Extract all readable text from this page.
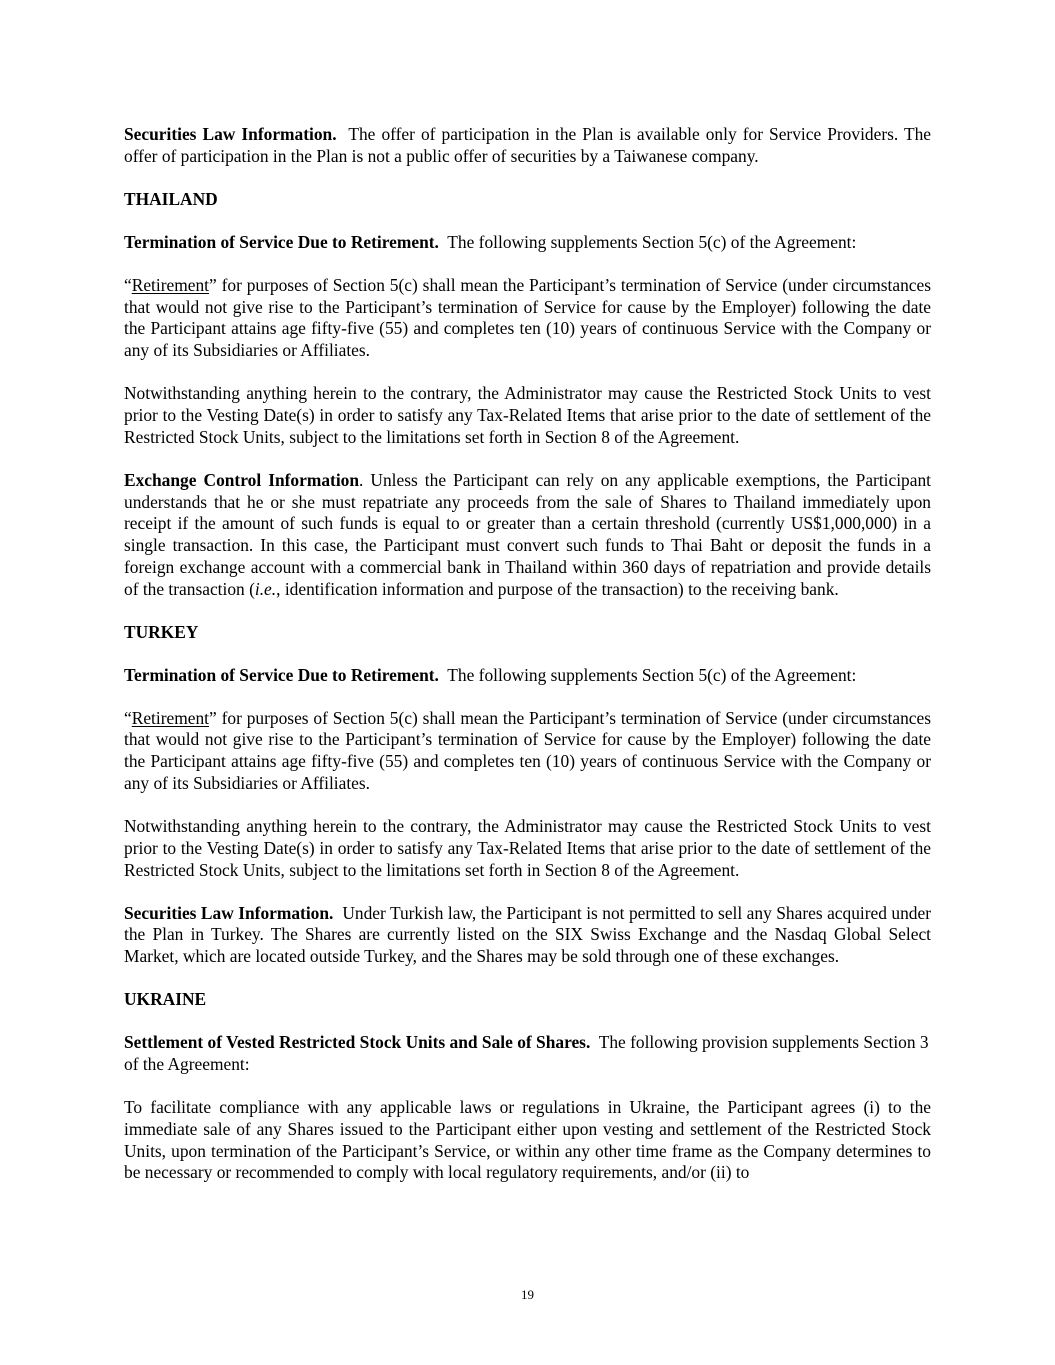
Securities Law Information. The offer of participation in the Plan is available only for Service Providers. The offer of participation in the Plan is not a public offer of securities by a Taiwanese company.

THAILAND

Termination of Service Due to Retirement. The following supplements Section 5(c) of the Agreement:

“Retirement” for purposes of Section 5(c) shall mean the Participant’s termination of Service (under circumstances that would not give rise to the Participant’s termination of Service for cause by the Employer) following the date the Participant attains age fifty-five (55) and completes ten (10) years of continuous Service with the Company or any of its Subsidiaries or Affiliates.

Notwithstanding anything herein to the contrary, the Administrator may cause the Restricted Stock Units to vest prior to the Vesting Date(s) in order to satisfy any Tax-Related Items that arise prior to the date of settlement of the Restricted Stock Units, subject to the limitations set forth in Section 8 of the Agreement.

Exchange Control Information. Unless the Participant can rely on any applicable exemptions, the Participant understands that he or she must repatriate any proceeds from the sale of Shares to Thailand immediately upon receipt if the amount of such funds is equal to or greater than a certain threshold (currently US$1,000,000) in a single transaction. In this case, the Participant must convert such funds to Thai Baht or deposit the funds in a foreign exchange account with a commercial bank in Thailand within 360 days of repatriation and provide details of the transaction (i.e., identification information and purpose of the transaction) to the receiving bank.

TURKEY

Termination of Service Due to Retirement. The following supplements Section 5(c) of the Agreement:

“Retirement” for purposes of Section 5(c) shall mean the Participant’s termination of Service (under circumstances that would not give rise to the Participant’s termination of Service for cause by the Employer) following the date the Participant attains age fifty-five (55) and completes ten (10) years of continuous Service with the Company or any of its Subsidiaries or Affiliates.

Notwithstanding anything herein to the contrary, the Administrator may cause the Restricted Stock Units to vest prior to the Vesting Date(s) in order to satisfy any Tax-Related Items that arise prior to the date of settlement of the Restricted Stock Units, subject to the limitations set forth in Section 8 of the Agreement.

Securities Law Information. Under Turkish law, the Participant is not permitted to sell any Shares acquired under the Plan in Turkey. The Shares are currently listed on the SIX Swiss Exchange and the Nasdaq Global Select Market, which are located outside Turkey, and the Shares may be sold through one of these exchanges.

UKRAINE

Settlement of Vested Restricted Stock Units and Sale of Shares. The following provision supplements Section 3 of the Agreement:

To facilitate compliance with any applicable laws or regulations in Ukraine, the Participant agrees (i) to the immediate sale of any Shares issued to the Participant either upon vesting and settlement of the Restricted Stock Units, upon termination of the Participant’s Service, or within any other time frame as the Company determines to be necessary or recommended to comply with local regulatory requirements, and/or (ii) to

19
